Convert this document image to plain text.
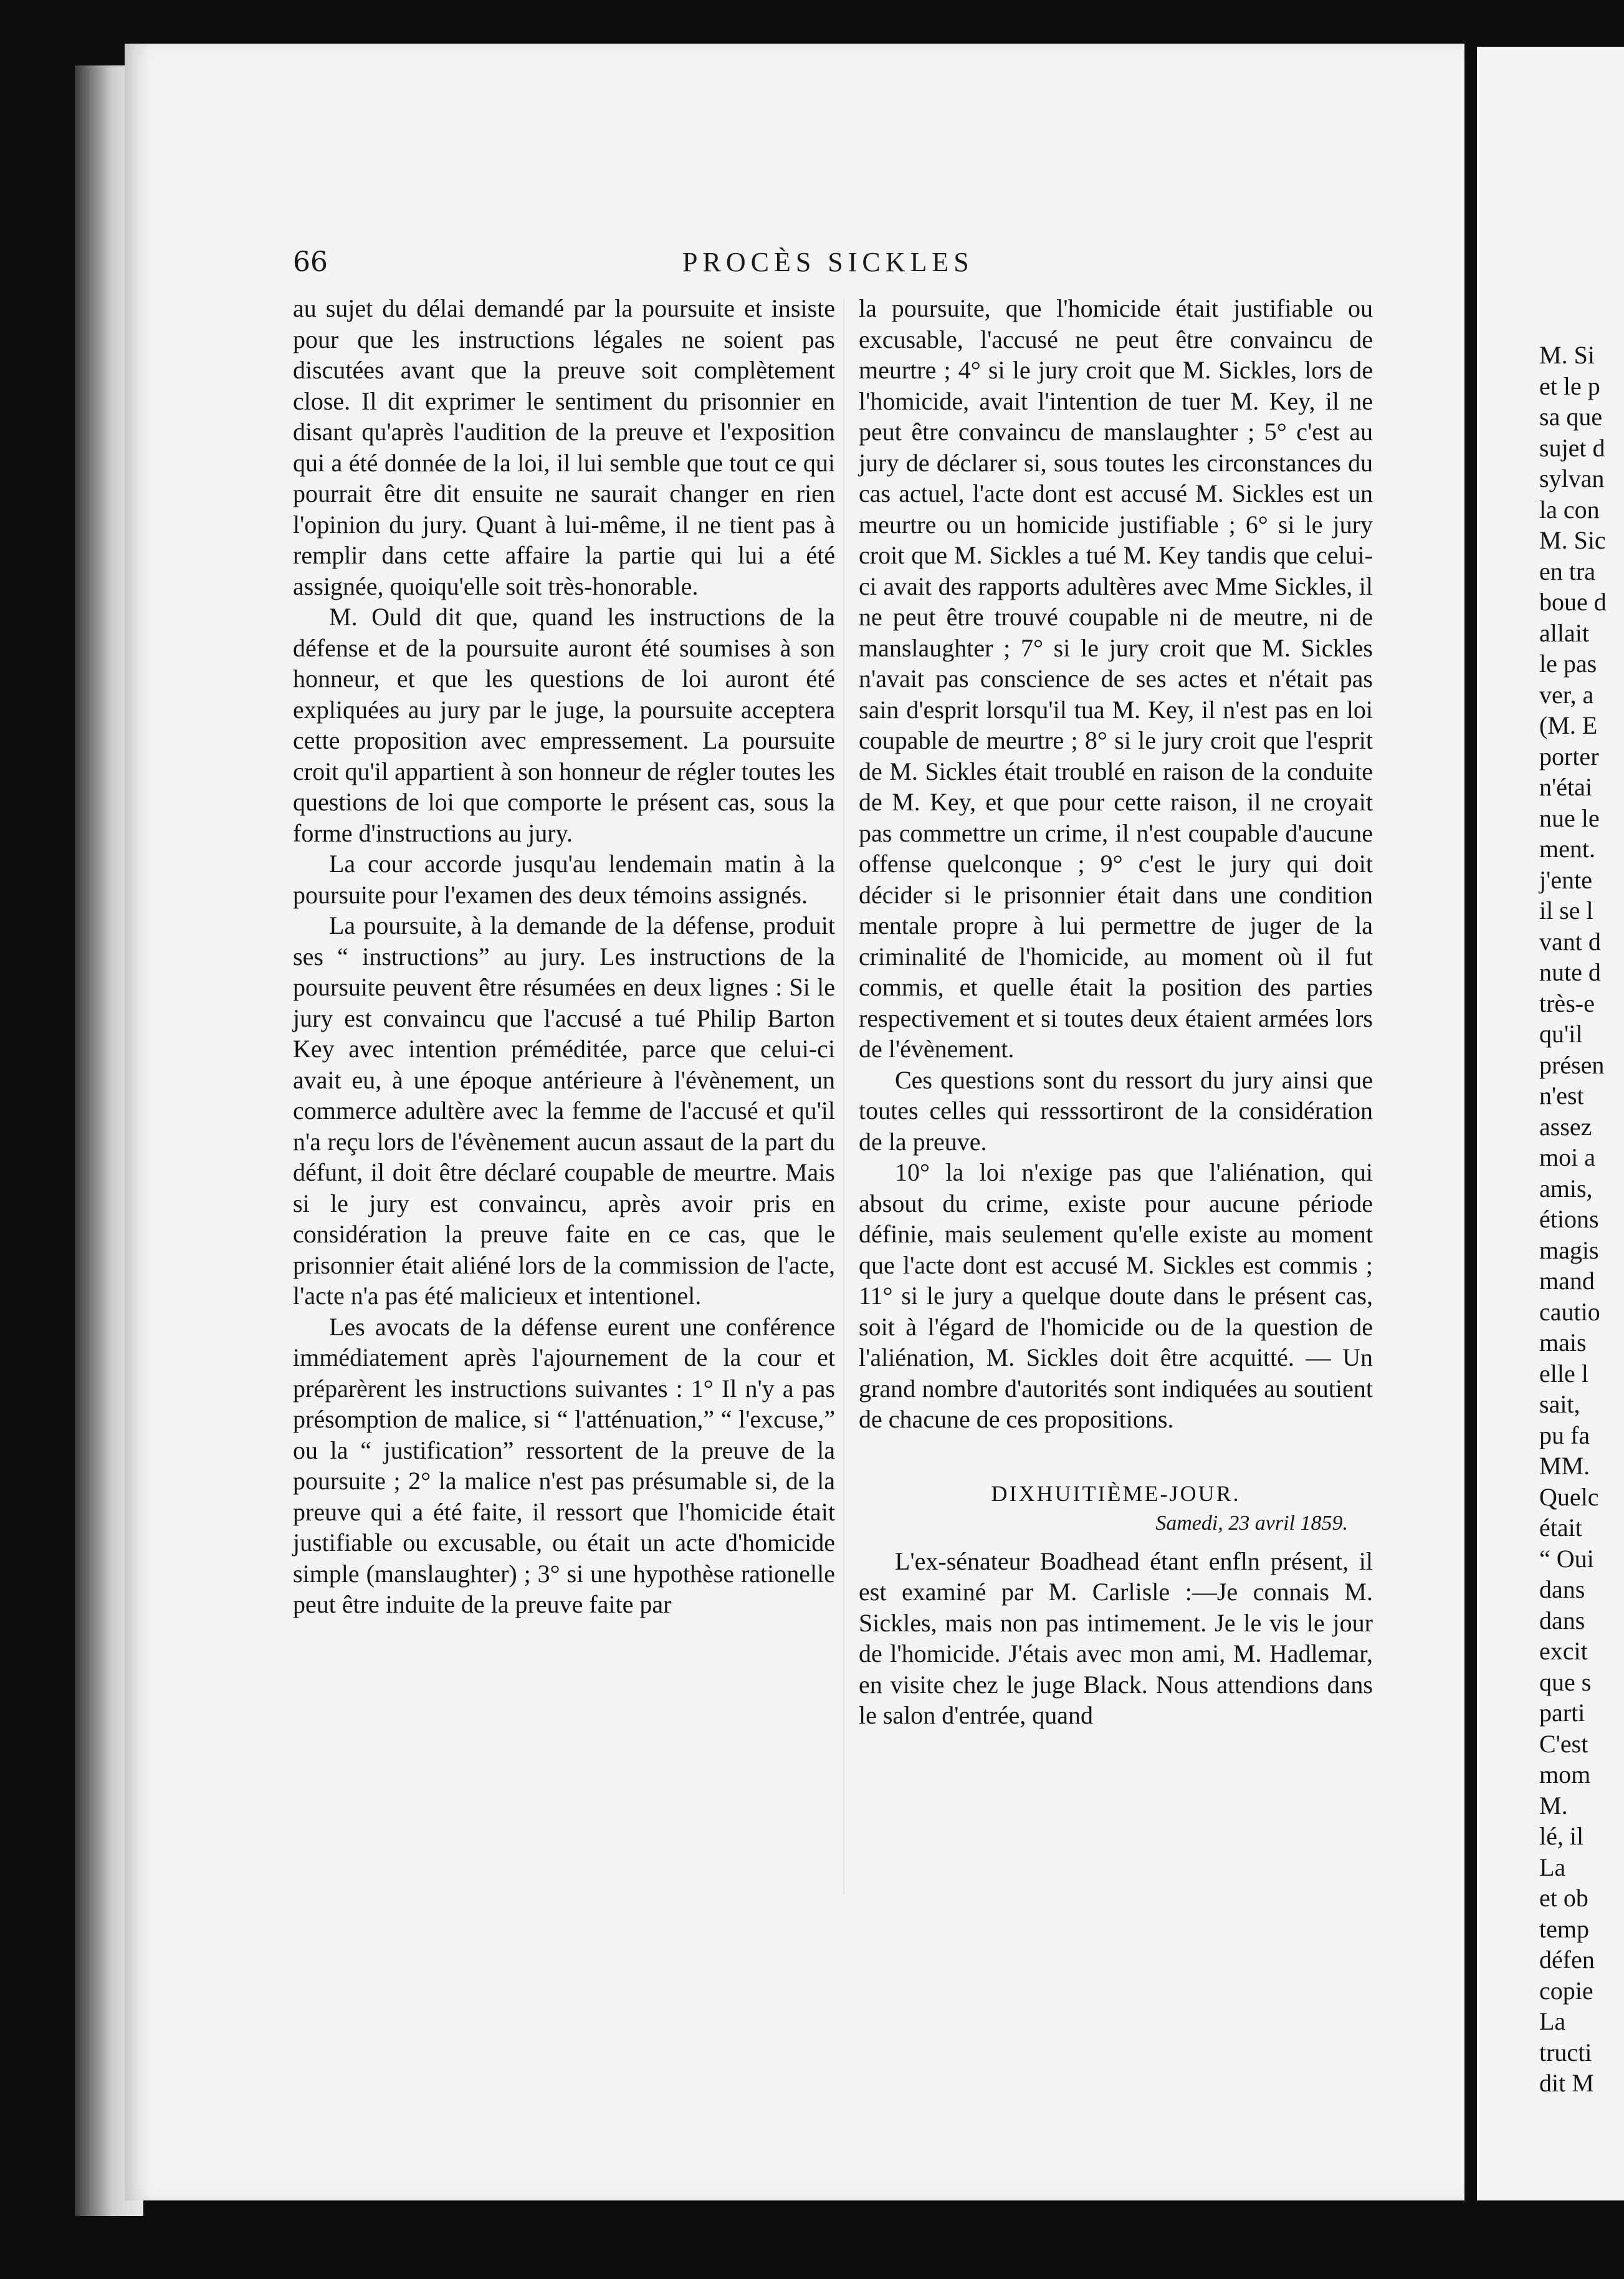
66	PROCÈS SICKLES

au sujet du délai demandé par la poursuite et insiste pour que les instructions légales ne soient pas discutées avant que la preuve soit complètement close. Il dit exprimer le sentiment du prisonnier en disant qu'après l'audition de la preuve et l'exposition qui a été donnée de la loi, il lui semble que tout ce qui pourrait être dit ensuite ne saurait changer en rien l'opinion du jury. Quant à lui-même, il ne tient pas à remplir dans cette affaire la partie qui lui a été assignée, quoiqu'elle soit très-honorable.

M. Ould dit que, quand les instructions de la défense et de la poursuite auront été soumises à son honneur, et que les questions de loi auront été expliquées au jury par le juge, la poursuite acceptera cette proposition avec empressement. La poursuite croit qu'il appartient à son honneur de régler toutes les questions de loi que comporte le présent cas, sous la forme d'instructions au jury.

La cour accorde jusqu'au lendemain matin à la poursuite pour l'examen des deux témoins assignés.

La poursuite, à la demande de la défense, produit ses “ instructions” au jury. Les instructions de la poursuite peuvent être résumées en deux lignes : Si le jury est convaincu que l'accusé a tué Philip Barton Key avec intention préméditée, parce que celui-ci avait eu, à une époque antérieure à l'évènement, un commerce adultère avec la femme de l'accusé et qu'il n'a reçu lors de l'évènement aucun assaut de la part du défunt, il doit être déclaré coupable de meurtre. Mais si le jury est convaincu, après avoir pris en considération la preuve faite en ce cas, que le prisonnier était aliéné lors de la commission de l'acte, l'acte n'a pas été malicieux et intentionel.

Les avocats de la défense eurent une conférence immédiatement après l'ajournement de la cour et préparèrent les instructions suivantes : 1° Il n'y a pas présomption de malice, si “ l'atténuation,” “ l'excuse,” ou la “ justification” ressortent de la preuve de la poursuite ; 2° la malice n'est pas présumable si, de la preuve qui a été faite, il ressort que l'homicide était justifiable ou excusable, ou était un acte d'homicide simple (manslaughter) ; 3° si une hypothèse rationelle peut être induite de la preuve faite par

la poursuite, que l'homicide était justifiable ou excusable, l'accusé ne peut être convaincu de meurtre ; 4° si le jury croit que M. Sickles, lors de l'homicide, avait l'intention de tuer M. Key, il ne peut être convaincu de manslaughter ; 5° c'est au jury de déclarer si, sous toutes les circonstances du cas actuel, l'acte dont est accusé M. Sickles est un meurtre ou un homicide justifiable ; 6° si le jury croit que M. Sickles a tué M. Key tandis que celui-ci avait des rapports adultères avec Mme Sickles, il ne peut être trouvé coupable ni de meutre, ni de manslaughter ; 7° si le jury croit que M. Sickles n'avait pas conscience de ses actes et n'était pas sain d'esprit lorsqu'il tua M. Key, il n'est pas en loi coupable de meurtre ; 8° si le jury croit que l'esprit de M. Sickles était troublé en raison de la conduite de M. Key, et que pour cette raison, il ne croyait pas commettre un crime, il n'est coupable d'aucune offense quelconque ; 9° c'est le jury qui doit décider si le prisonnier était dans une condition mentale propre à lui permettre de juger de la criminalité de l'homicide, au moment où il fut commis, et quelle était la position des parties respectivement et si toutes deux étaient armées lors de l'évènement.

Ces questions sont du ressort du jury ainsi que toutes celles qui resssortiront de la considération de la preuve.

10° la loi n'exige pas que l'aliénation, qui absout du crime, existe pour aucune période définie, mais seulement qu'elle existe au moment que l'acte dont est accusé M. Sickles est commis ; 11° si le jury a quelque doute dans le présent cas, soit à l'égard de l'homicide ou de la question de l'aliénation, M. Sickles doit être acquitté. — Un grand nombre d'autorités sont indiquées au soutient de chacune de ces propositions.

DIXHUITIÈME-JOUR.
Samedi, 23 avril 1859.

L'ex-sénateur Boadhead étant enfln présent, il est examiné par M. Carlisle :—Je connais M. Sickles, mais non pas intimement. Je le vis le jour de l'homicide. J'étais avec mon ami, M. Hadlemar, en visite chez le juge Black. Nous attendions dans le salon d'entrée, quand

M. Si
et le p
sa que
sujet d
sylvan
la con
M. Sic
en tra
boue d
allait
le pas
ver, a
(M. E
porter
n'étai
nue le
ment.
j'ente
il se l
vant d
nute d
très-e
qu'il
présen
n'est
assez
moi a
amis,
étions
magis
mand
cautio
mais
elle l
sait,
pu fa
MM.
Quelc
était
“ Oui
dans
dans
excit
que s
parti
C'est
mom
M.
lé, il
La
et ob
temp
défen
copie
La
tructi
dit M
